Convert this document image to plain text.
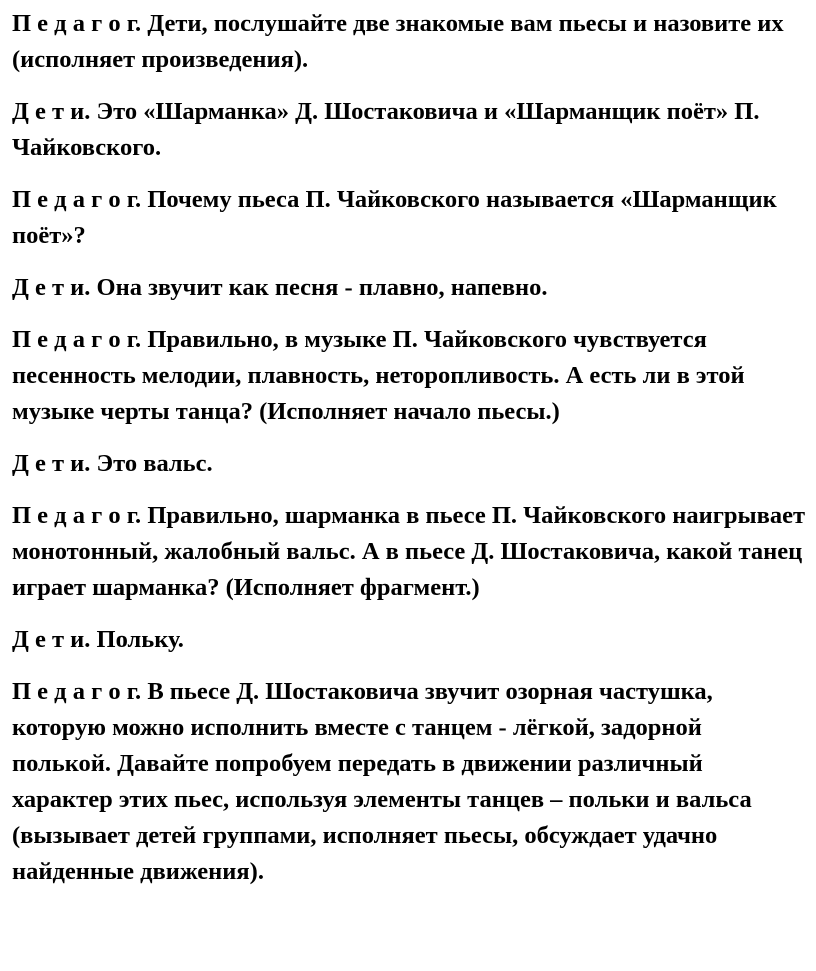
П е д а г о г. Дети, послушайте две знакомые вам пьесы и назовите их (исполняет произведения).

Д е т и. Это «Шарманка» Д. Шостаковича и «Шарманщик поёт» П. Чайковского.

П е д а г о г. Почему пьеса П. Чайковского называется «Шарманщик поёт»?

Д е т и. Она звучит как песня - плавно, напевно.

П е д а г о г. Правильно, в музыке П. Чайковского чувствуется песенность мелодии, плавность, неторопливость. А есть ли в этой музыке черты танца? (Исполняет начало пьесы.)

Д е т и. Это вальс.

П е д а г о г. Правильно, шарманка в пьесе П. Чайковского наигрывает монотонный, жалобный вальс. А в пьесе Д. Шостаковича, какой танец играет шарманка? (Исполняет фрагмент.)

Д е т и. Польку.

П е д а г о г. В пьесе Д. Шостаковича звучит озорная частушка, которую можно исполнить вместе с танцем - лёгкой, задорной полькой. Давайте попробуем передать в движении различный характер этих пьес, используя элементы танцев – польки и вальса (вызывает детей группами, исполняет пьесы, обсуждает удачно найденные движения).
